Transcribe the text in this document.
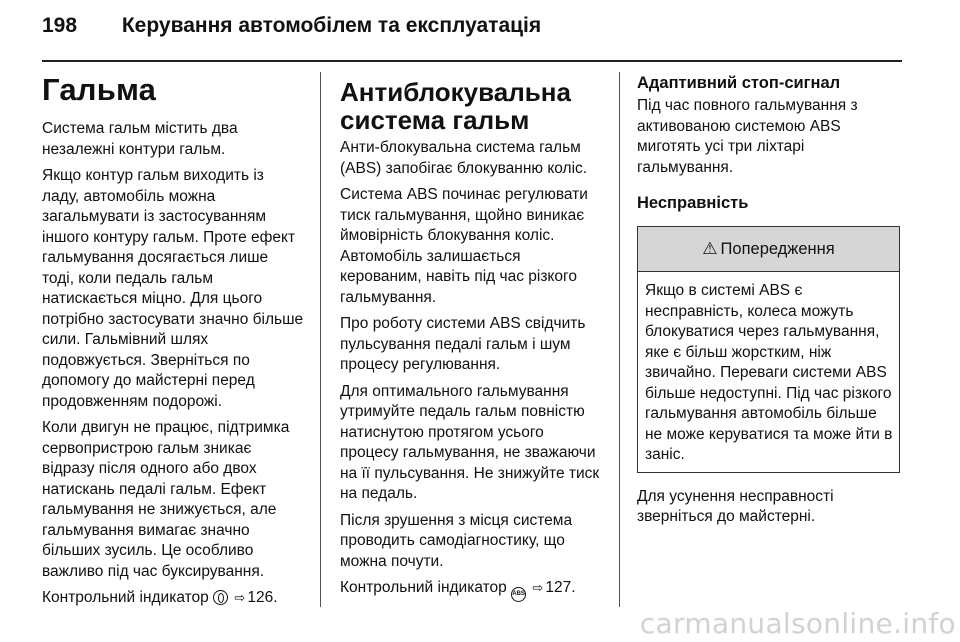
198 Керування автомобілем та експлуатація
Гальма

Система гальм містить два незалежні контури гальм.

Якщо контур гальм виходить із ладу, автомобіль можна загальмувати із застосуванням іншого контуру гальм. Проте ефект гальмування досягається лише тоді, коли педаль гальм натискається міцно. Для цього потрібно застосувати значно більше сили. Гальмівний шлях подовжується. Зверніться по допомогу до майстерні перед продовженням подорожі.

Коли двигун не працює, підтримка сервопристрою гальм зникає відразу після одного або двох натискань педалі гальм. Ефект гальмування не знижується, але гальмування вимагає значно більших зусиль. Це особливо важливо під час буксирування.

Контрольний індикатор ⇨ 126.

Антиблокувальна система гальм

Анти-блокувальна система гальм (ABS) запобігає блокуванню коліс.

Система ABS починає регулювати тиск гальмування, щойно виникає ймовірність блокування коліс. Автомобіль залишається керованим, навіть під час різкого гальмування.

Про роботу системи ABS свідчить пульсування педалі гальм і шум процесу регулювання.

Для оптимального гальмування утримуйте педаль гальм повністю натиснутою протягом усього процесу гальмування, не зважаючи на її пульсування. Не знижуйте тиск на педаль.

Після зрушення з місця система проводить самодіагностику, що можна почути.

Контрольний індикатор ABS ⇨ 127.

Адаптивний стоп-сигнал

Під час повного гальмування з активованою системою ABS миготять усі три ліхтарі гальмування.

Несправність
⚠ Попередження

Якщо в системі ABS є несправність, колеса можуть блокуватися через гальмування, яке є більш жорстким, ніж звичайно. Переваги системи ABS більше недоступні. Під час різкого гальмування автомобіль більше не може керуватися та може йти в заніс.

Для усунення несправності зверніться до майстерні.

carmanualsonline.info
